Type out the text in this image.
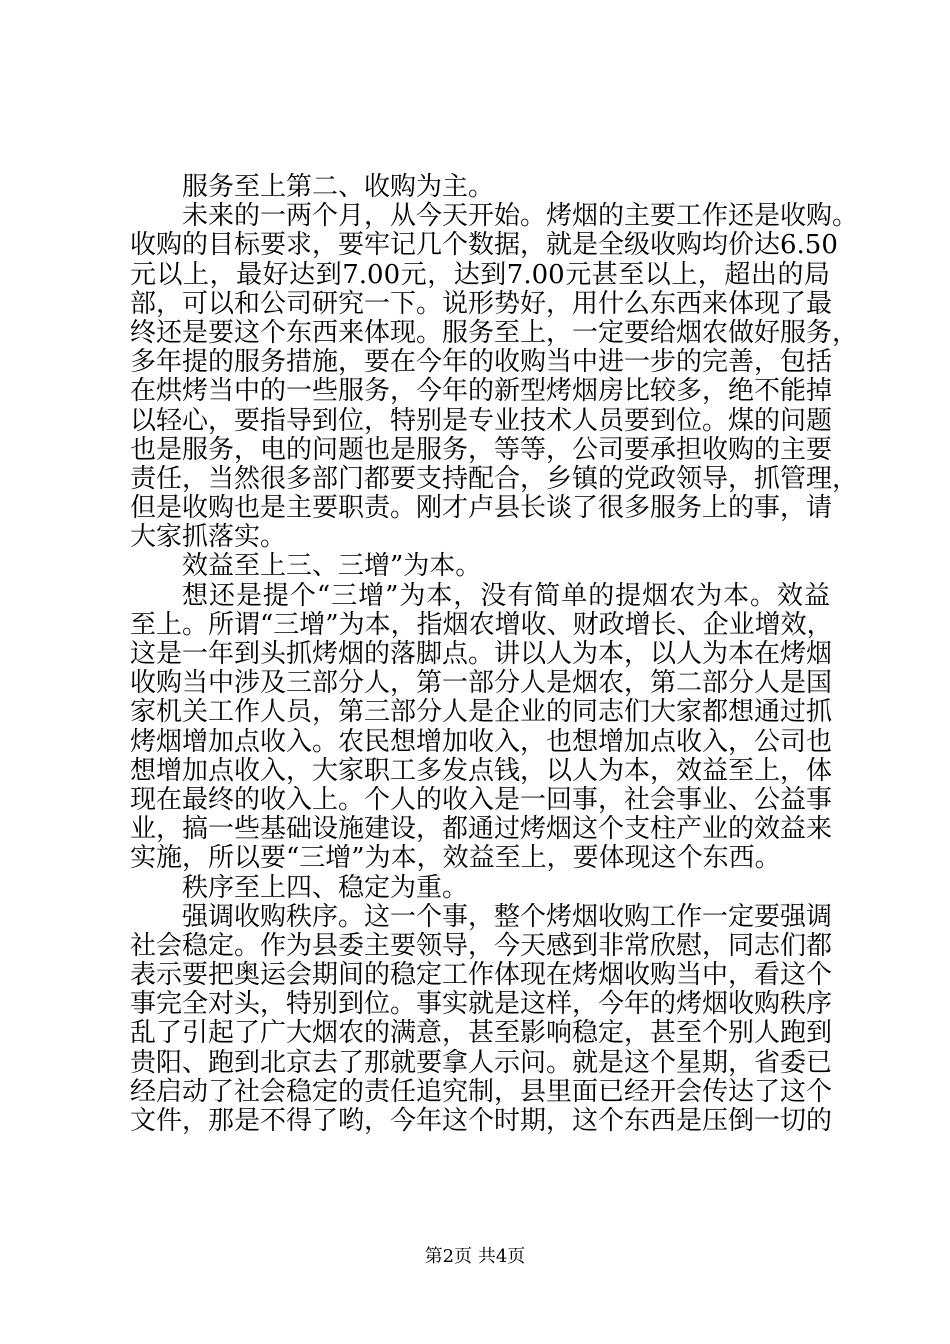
服务至上第二、收购为主。
未来的一两个月，从今天开始。烤烟的主要工作还是收购。
收购的目标要求，要牢记几个数据，就是全级收购均价达6.50
元以上，最好达到7.00元，达到7.00元甚至以上，超出的局
部，可以和公司研究一下。说形势好，用什么东西来体现了最
终还是要这个东西来体现。服务至上，一定要给烟农做好服务，
多年提的服务措施，要在今年的收购当中进一步的完善，包括
在烘烤当中的一些服务，今年的新型烤烟房比较多，绝不能掉
以轻心，要指导到位，特别是专业技术人员要到位。煤的问题
也是服务，电的问题也是服务，等等，公司要承担收购的主要
责任，当然很多部门都要支持配合，乡镇的党政领导，抓管理，
但是收购也是主要职责。刚才卢县长谈了很多服务上的事，请
大家抓落实。
效益至上三、三增”为本。
想还是提个“三增”为本，没有简单的提烟农为本。效益
至上。所谓“三增”为本，指烟农增收、财政增长、企业增效，
这是一年到头抓烤烟的落脚点。讲以人为本，以人为本在烤烟
收购当中涉及三部分人，第一部分人是烟农，第二部分人是国
家机关工作人员，第三部分人是企业的同志们大家都想通过抓
烤烟增加点收入。农民想增加收入，也想增加点收入，公司也
想增加点收入，大家职工多发点钱，以人为本，效益至上，体
现在最终的收入上。个人的收入是一回事，社会事业、公益事
业，搞一些基础设施建设，都通过烤烟这个支柱产业的效益来
实施，所以要“三增”为本，效益至上，要体现这个东西。
秩序至上四、稳定为重。
强调收购秩序。这一个事，整个烤烟收购工作一定要强调
社会稳定。作为县委主要领导，今天感到非常欣慰，同志们都
表示要把奥运会期间的稳定工作体现在烤烟收购当中，看这个
事完全对头，特别到位。事实就是这样，今年的烤烟收购秩序
乱了引起了广大烟农的满意，甚至影响稳定，甚至个别人跑到
贵阳、跑到北京去了那就要拿人示问。就是这个星期，省委已
经启动了社会稳定的责任追究制，县里面已经开会传达了这个
文件，那是不得了哟，今年这个时期，这个东西是压倒一切的
第2页 共4页
